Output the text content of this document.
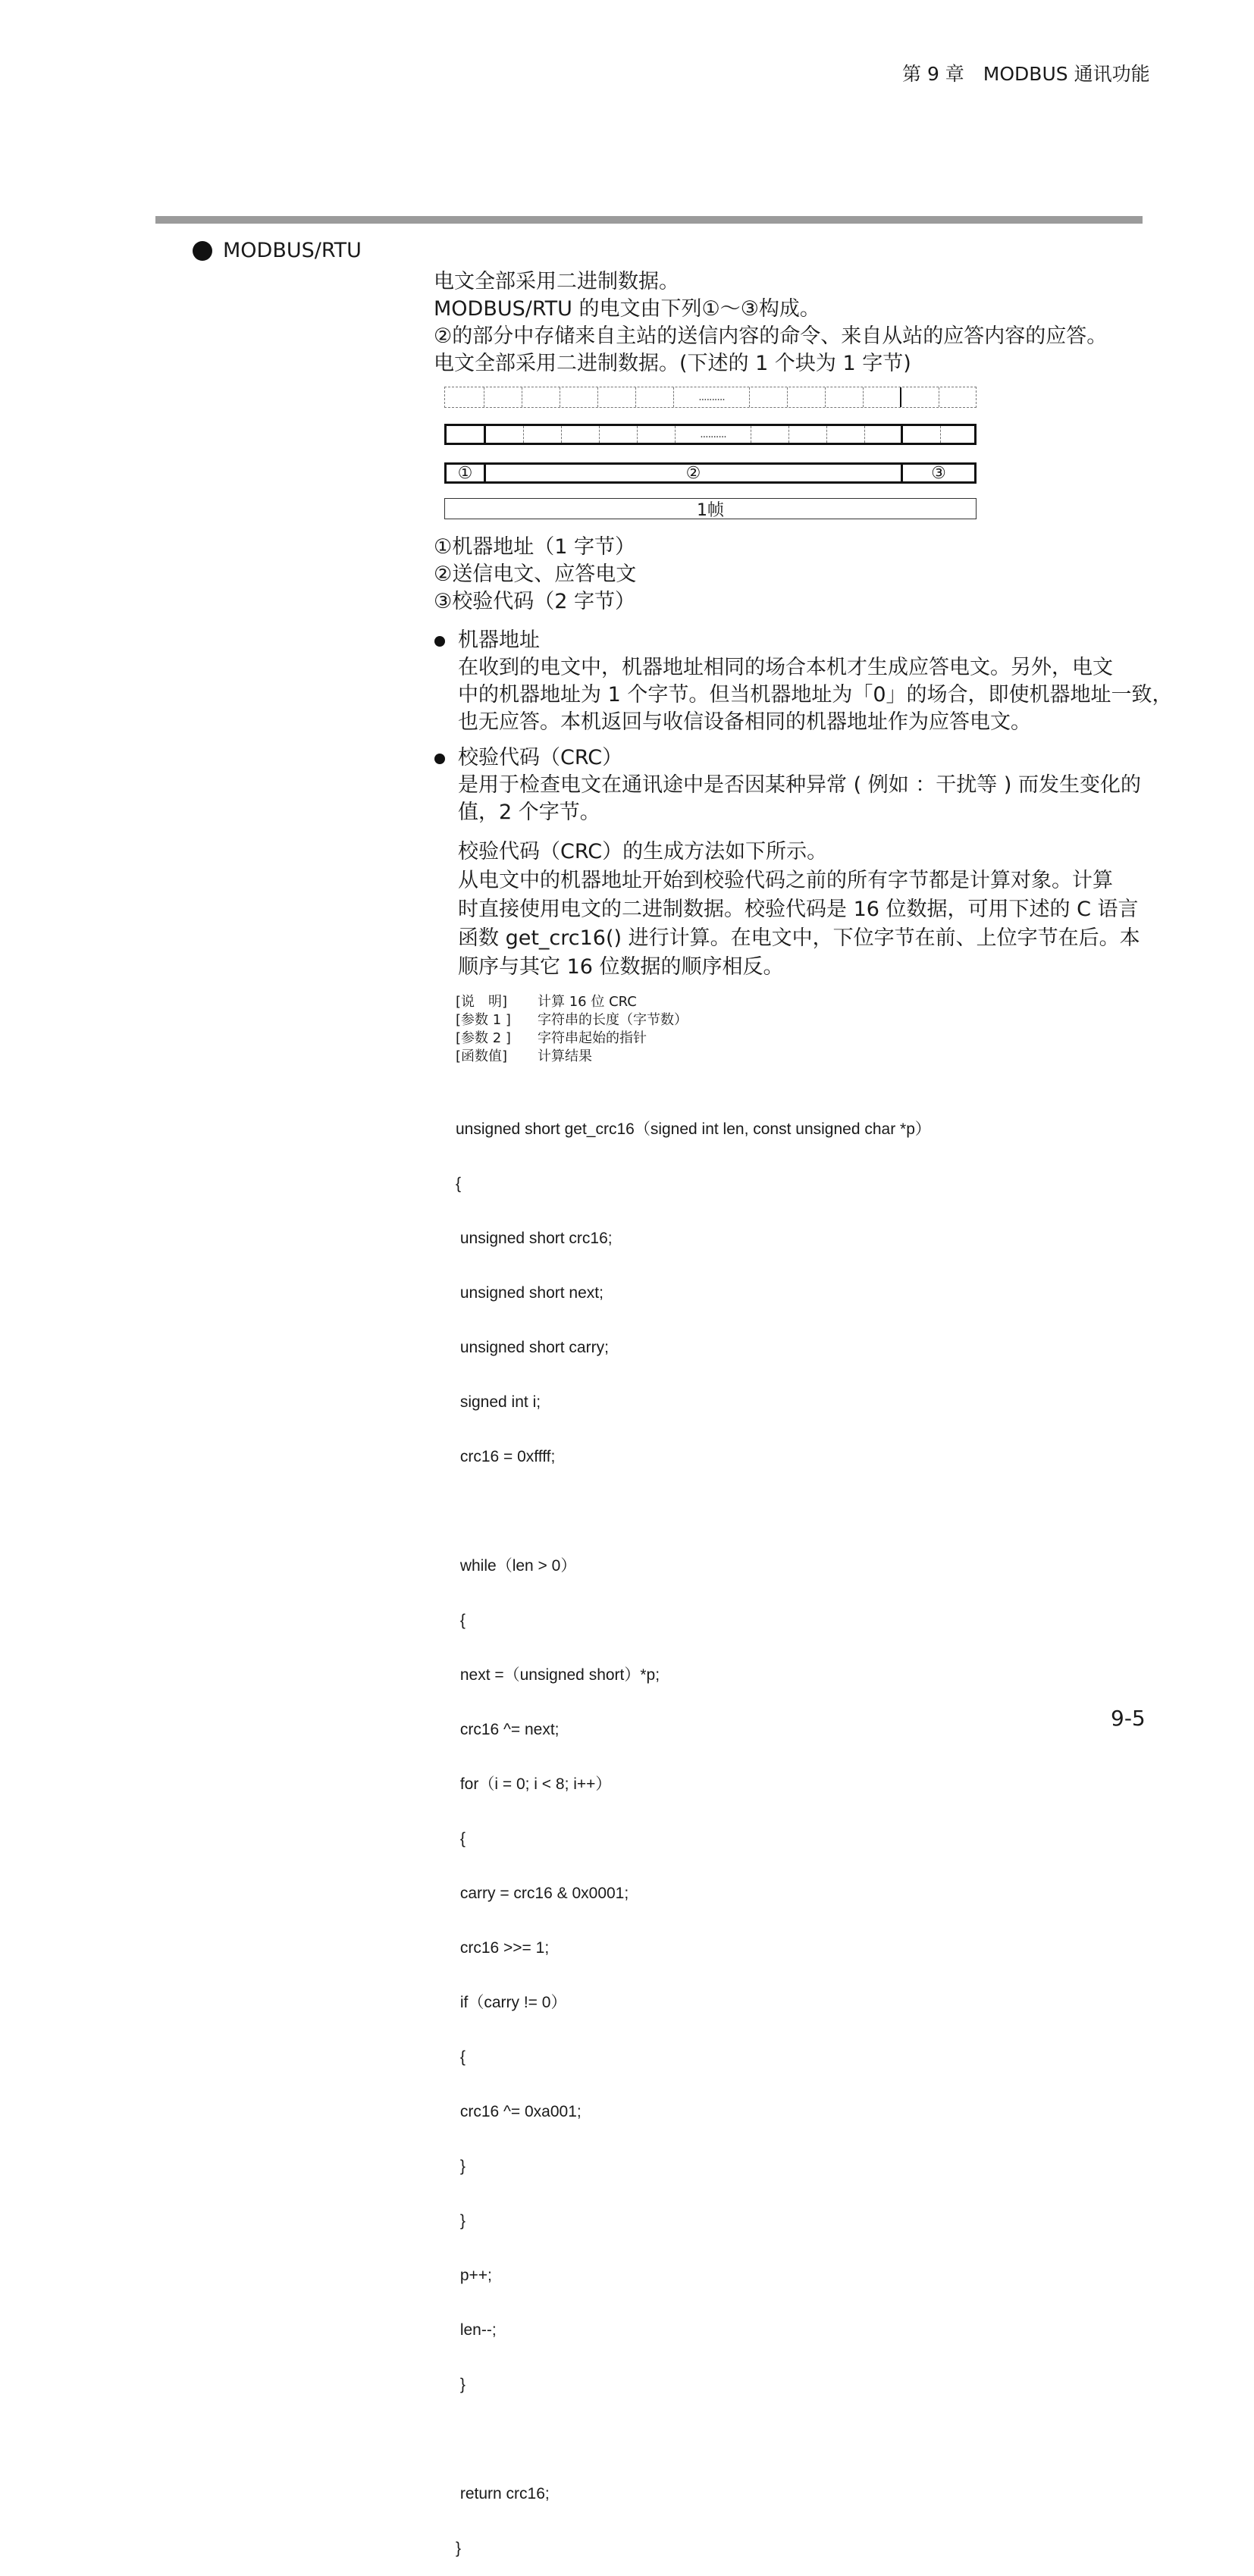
第 9 章　MODBUS 通讯功能
MODBUS/RTU
电文全部采用二进制数据。
MODBUS/RTU 的电文由下列①～③构成。
②的部分中存储来自主站的送信内容的命令、来自从站的应答内容的应答。
电文全部采用二进制数据。(下述的 1 个块为 1 字节)
..........
..........
①	②	③
1帧
①机器地址（1 字节）
②送信电文、应答电文
③校验代码（2 字节）
机器地址
在收到的电文中，机器地址相同的场合本机才生成应答电文。另外，电文
中的机器地址为 1 个字节。但当机器地址为「0」的场合，即使机器地址一致，
也无应答。本机返回与收信设备相同的机器地址作为应答电文。
校验代码（CRC）
是用于检查电文在通讯途中是否因某种异常 ( 例如 ：干扰等 ) 而发生变化的
值，2 个字节。
校验代码（CRC）的生成方法如下所示。
从电文中的机器地址开始到校验代码之前的所有字节都是计算对象。计算
时直接使用电文的二进制数据。校验代码是 16 位数据，可用下述的 C 语言
函数 get_crc16() 进行计算。在电文中，下位字节在前、上位字节在后。本
顺序与其它 16 位数据的顺序相反。
[说　明]	计算 16 位 CRC
[参数 1 ]	字符串的长度（字节数）
[参数 2 ]	字符串起始的指针
[函数值]	计算结果

unsigned short get_crc16（signed int len, const unsigned char *p）

{

unsigned short crc16;

unsigned short next;

unsigned short carry;

signed int i;

crc16 = 0xffff;

while（len > 0）

{

next =（unsigned short）*p;

crc16 ^= next;

for（i = 0; i < 8; i++）

{

carry = crc16 & 0x0001;

crc16 >>= 1;

if（carry != 0）

{

crc16 ^= 0xa001;

}

}

p++;

len--;

}

return crc16;

}

9-5
